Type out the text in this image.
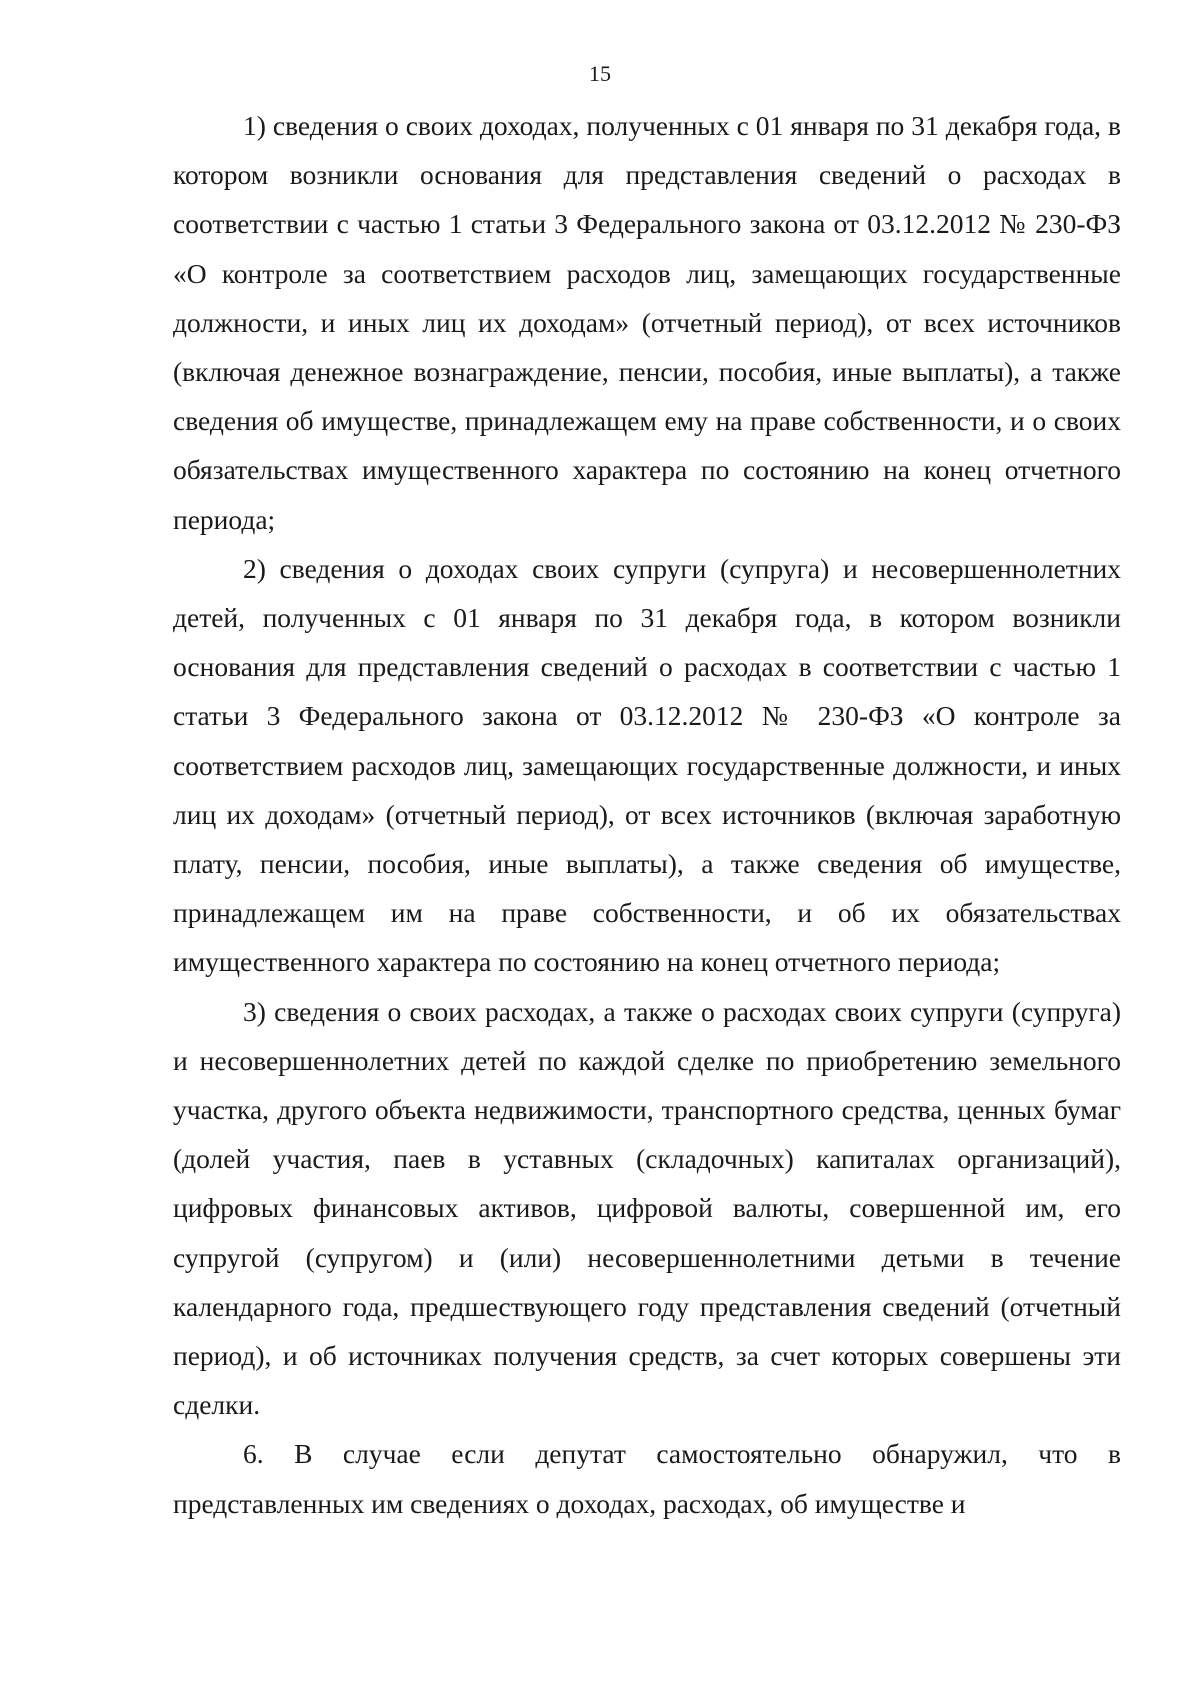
15

1) сведения о своих доходах, полученных с 01 января по 31 декабря года, в котором возникли основания для представления сведений о расходах в соответствии с частью 1 статьи 3 Федерального закона от 03.12.2012 № 230-ФЗ «О контроле за соответствием расходов лиц, замещающих государственные должности, и иных лиц их доходам» (отчетный период), от всех источников (включая денежное вознаграждение, пенсии, пособия, иные выплаты), а также сведения об имуществе, принадлежащем ему на праве собственности, и о своих обязательствах имущественного характера по состоянию на конец отчетного периода;

2) сведения о доходах своих супруги (супруга) и несовершеннолетних детей, полученных с 01 января по 31 декабря года, в котором возникли основания для представления сведений о расходах в соответствии с частью 1 статьи 3 Федерального закона от 03.12.2012 № 230-ФЗ «О контроле за соответствием расходов лиц, замещающих государственные должности, и иных лиц их доходам» (отчетный период), от всех источников (включая заработную плату, пенсии, пособия, иные выплаты), а также сведения об имуществе, принадлежащем им на праве собственности, и об их обязательствах имущественного характера по состоянию на конец отчетного периода;

3) сведения о своих расходах, а также о расходах своих супруги (супруга) и несовершеннолетних детей по каждой сделке по приобретению земельного участка, другого объекта недвижимости, транспортного средства, ценных бумаг (долей участия, паев в уставных (складочных) капиталах организаций), цифровых финансовых активов, цифровой валюты, совершенной им, его супругой (супругом) и (или) несовершеннолетними детьми в течение календарного года, предшествующего году представления сведений (отчетный период), и об источниках получения средств, за счет которых совершены эти сделки.

6. В случае если депутат самостоятельно обнаружил, что в представленных им сведениях о доходах, расходах, об имуществе и
